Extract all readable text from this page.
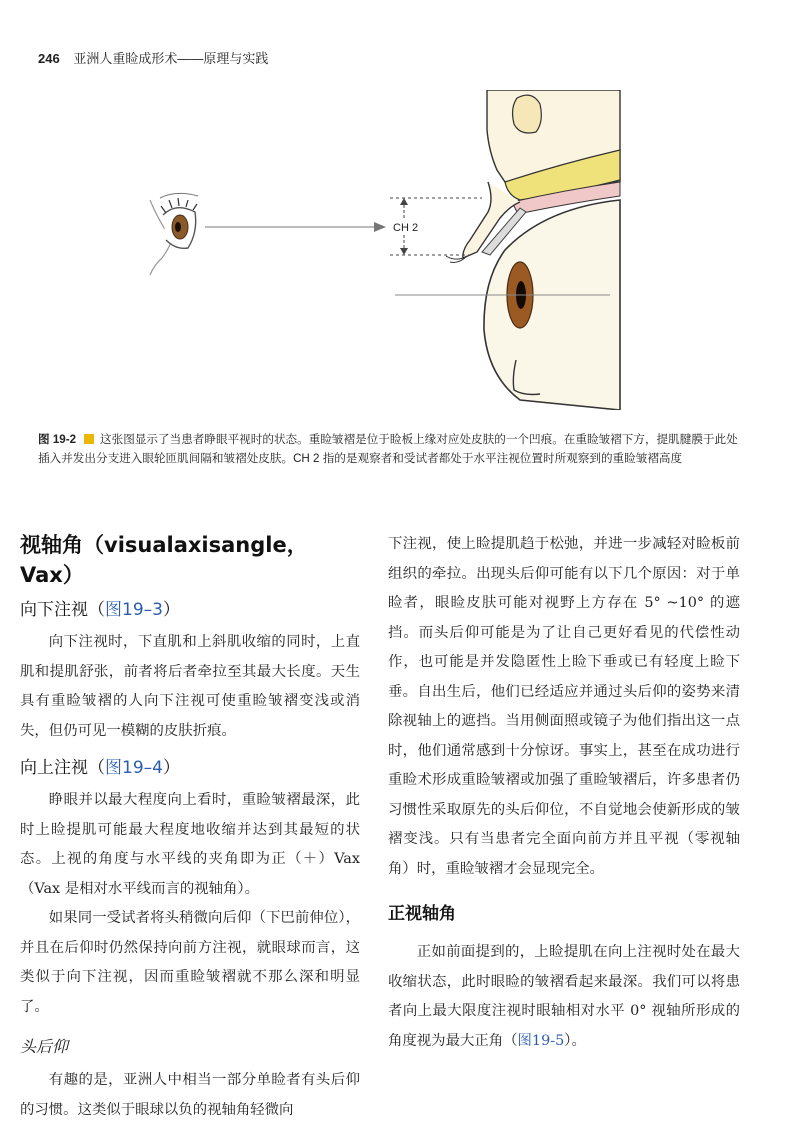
246 亚洲人重睑成形术——原理与实践
CH 2
图 19-2 这张图显示了当患者睁眼平视时的状态。重睑皱褶是位于睑板上缘对应处皮肤的一个凹痕。在重睑皱褶下方，提肌腱膜于此处插入并发出分支进入眼轮匝肌间隔和皱褶处皮肤。CH 2 指的是观察者和受试者都处于水平注视位置时所观察到的重睑皱褶高度
视轴角（visualaxisangle，Vax）
向下注视（图19–3）

向下注视时，下直肌和上斜肌收缩的同时，上直肌和提肌舒张，前者将后者牵拉至其最大长度。天生具有重睑皱褶的人向下注视可使重睑皱褶变浅或消失，但仍可见一模糊的皮肤折痕。

向上注视（图19–4）

睁眼并以最大程度向上看时，重睑皱褶最深，此时上睑提肌可能最大程度地收缩并达到其最短的状态。上视的角度与水平线的夹角即为正（＋）Vax（Vax 是相对水平线而言的视轴角）。

如果同一受试者将头稍微向后仰（下巴前伸位），并且在后仰时仍然保持向前方注视，就眼球而言，这类似于向下注视，因而重睑皱褶就不那么深和明显了。

头后仰

有趣的是，亚洲人中相当一部分单睑者有头后仰的习惯。这类似于眼球以负的视轴角轻微向

下注视，使上睑提肌趋于松弛，并进一步减轻对睑板前组织的牵拉。出现头后仰可能有以下几个原因：对于单睑者，眼睑皮肤可能对视野上方存在 5° ~10° 的遮挡。而头后仰可能是为了让自己更好看见的代偿性动作，也可能是并发隐匿性上睑下垂或已有轻度上睑下垂。自出生后，他们已经适应并通过头后仰的姿势来清除视轴上的遮挡。当用侧面照或镜子为他们指出这一点时，他们通常感到十分惊讶。事实上，甚至在成功进行重睑术形成重睑皱褶或加强了重睑皱褶后，许多患者仍习惯性采取原先的头后仰位，不自觉地会使新形成的皱褶变浅。只有当患者完全面向前方并且平视（零视轴角）时，重睑皱褶才会显现完全。

正视轴角

正如前面提到的，上睑提肌在向上注视时处在最大收缩状态，此时眼睑的皱褶看起来最深。我们可以将患者向上最大限度注视时眼轴相对水平 0° 视轴所形成的角度视为最大正角（图19-5）。
